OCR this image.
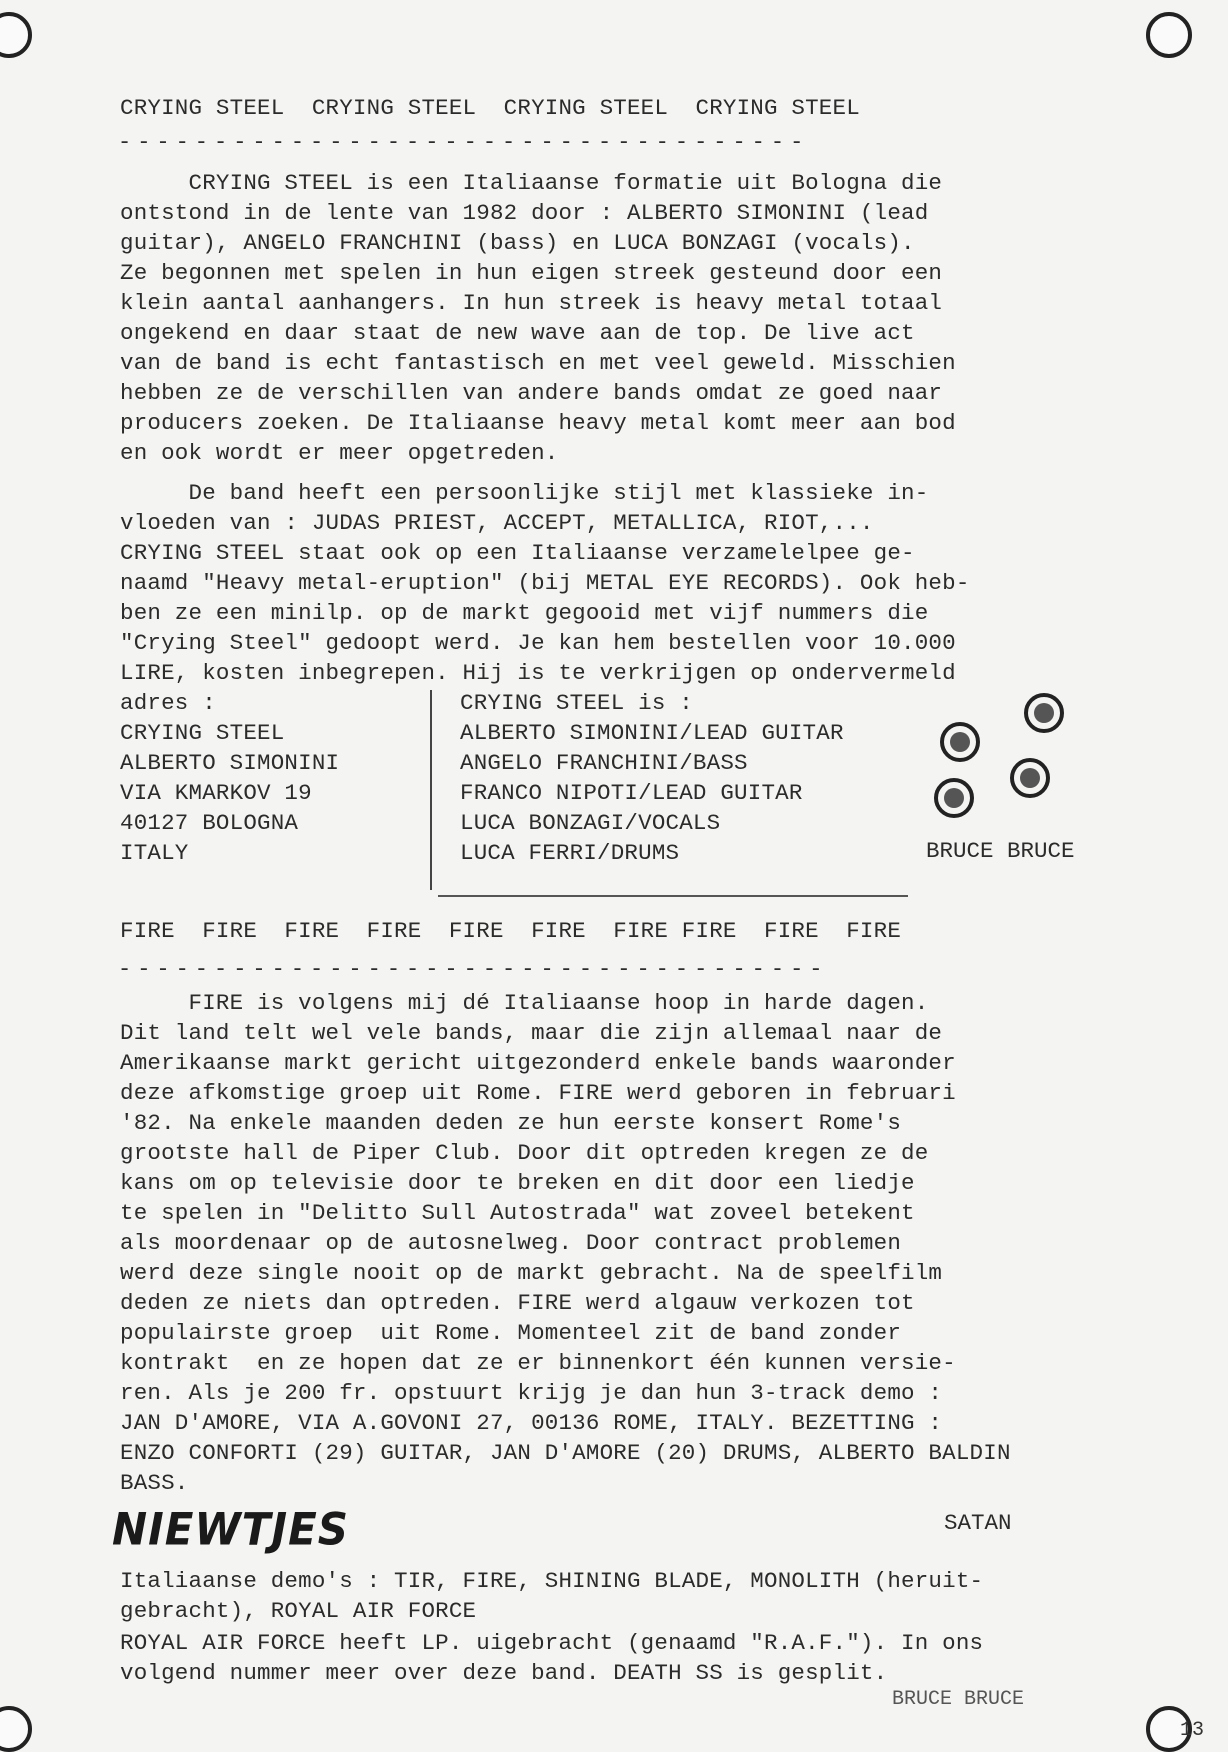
CRYING STEEL  CRYING STEEL  CRYING STEEL  CRYING STEEL
------------------------------------
CRYING STEEL is een Italiaanse formatie uit Bologna die
ontstond in de lente van 1982 door : ALBERTO SIMONINI (lead
guitar), ANGELO FRANCHINI (bass) en LUCA BONZAGI (vocals).
Ze begonnen met spelen in hun eigen streek gesteund door een
klein aantal aanhangers. In hun streek is heavy metal totaal
ongekend en daar staat de new wave aan de top. De live act
van de band is echt fantastisch en met veel geweld. Misschien
hebben ze de verschillen van andere bands omdat ze goed naar
producers zoeken. De Italiaanse heavy metal komt meer aan bod
en ook wordt er meer opgetreden.
De band heeft een persoonlijke stijl met klassieke in-
vloeden van : JUDAS PRIEST, ACCEPT, METALLICA, RIOT,...
CRYING STEEL staat ook op een Italiaanse verzamelelpee ge-
naamd "Heavy metal-eruption" (bij METAL EYE RECORDS). Ook heb-
ben ze een minilp. op de markt gegooid met vijf nummers die
"Crying Steel" gedoopt werd. Je kan hem bestellen voor 10.000
LIRE, kosten inbegrepen. Hij is te verkrijgen op ondervermeld
adres :
CRYING STEEL
ALBERTO SIMONINI
VIA KMARKOV 19
40127 BOLOGNA
ITALY
CRYING STEEL is :
ALBERTO SIMONINI/LEAD GUITAR
ANGELO FRANCHINI/BASS
FRANCO NIPOTI/LEAD GUITAR
LUCA BONZAGI/VOCALS
LUCA FERRI/DRUMS	BRUCE BRUCE
FIRE  FIRE  FIRE  FIRE  FIRE  FIRE  FIRE FIRE  FIRE  FIRE
-------------------------------------
FIRE is volgens mij dé Italiaanse hoop in harde dagen.
Dit land telt wel vele bands, maar die zijn allemaal naar de
Amerikaanse markt gericht uitgezonderd enkele bands waaronder
deze afkomstige groep uit Rome. FIRE werd geboren in februari
'82. Na enkele maanden deden ze hun eerste konsert Rome's
grootste hall de Piper Club. Door dit optreden kregen ze de
kans om op televisie door te breken en dit door een liedje
te spelen in "Delitto Sull Autostrada" wat zoveel betekent
als moordenaar op de autosnelweg. Door contract problemen
werd deze single nooit op de markt gebracht. Na de speelfilm
deden ze niets dan optreden. FIRE werd algauw verkozen tot
populairste groep  uit Rome. Momenteel zit de band zonder
kontrakt  en ze hopen dat ze er binnenkort één kunnen versie-
ren. Als je 200 fr. opstuurt krijg je dan hun 3-track demo :
JAN D'AMORE, VIA A.GOVONI 27, 00136 ROME, ITALY. BEZETTING :
ENZO CONFORTI (29) GUITAR, JAN D'AMORE (20) DRUMS, ALBERTO BALDIN
BASS.
SATAN
NIEWTJES
Italiaanse demo's : TIR, FIRE, SHINING BLADE, MONOLITH (heruit-
gebracht), ROYAL AIR FORCE
ROYAL AIR FORCE heeft LP. uigebracht (genaamd "R.A.F."). In ons
volgend nummer meer over deze band. DEATH SS is gesplit.
BRUCE BRUCE
13
